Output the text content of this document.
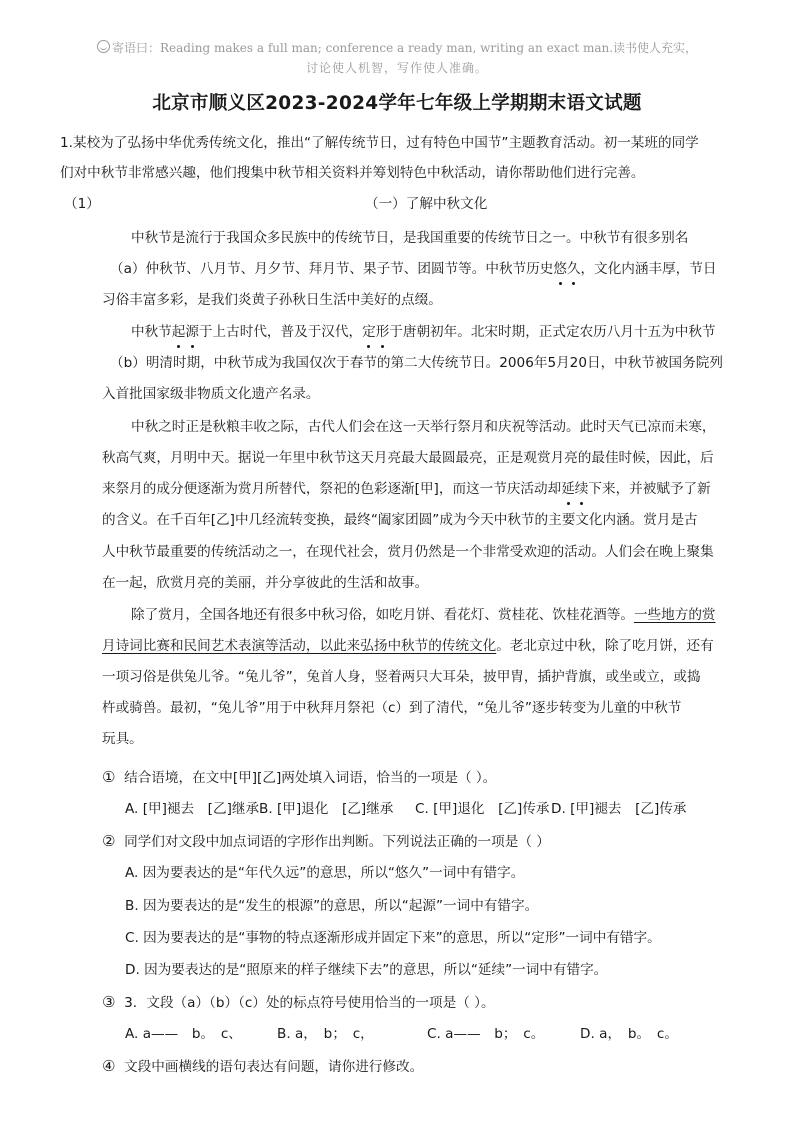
寄语曰：Reading makes a full man; conference a ready man, writing an exact man.读书使人充实，
讨论使人机智，写作使人准确。
北京市顺义区2023-2024学年七年级上学期期末语文试题
1.某校为了弘扬中华优秀传统文化，推出“了解传统节日，过有特色中国节”主题教育活动。初一某班的同学
们对中秋节非常感兴趣，他们搜集中秋节相关资料并筹划特色中秋活动，请你帮助他们进行完善。
（1）	（一）了解中秋文化
中秋节是流行于我国众多民族中的传统节日，是我国重要的传统节日之一。中秋节有很多别名
（a）仲秋节、八月节、月夕节、拜月节、果子节、团圆节等。中秋节历史悠久，文化内涵丰厚，节日
习俗丰富多彩，是我们炎黄子孙秋日生活中美好的点缀。
中秋节起源于上古时代，普及于汉代，定形于唐朝初年。北宋时期，正式定农历八月十五为中秋节
（b）明清时期，中秋节成为我国仅次于春节的第二大传统节日。2006年5月20日，中秋节被国务院列
入首批国家级非物质文化遗产名录。
中秋之时正是秋粮丰收之际，古代人们会在这一天举行祭月和庆祝等活动。此时天气已凉而未寒，
秋高气爽，月明中天。据说一年里中秋节这天月亮最大最圆最亮，正是观赏月亮的最佳时候，因此，后
来祭月的成分便逐渐为赏月所替代，祭祀的色彩逐渐[甲]，而这一节庆活动却延续下来，并被赋予了新
的含义。在千百年[乙]中几经流转变换，最终“阖家团圆”成为今天中秋节的主要文化内涵。赏月是古
人中秋节最重要的传统活动之一，在现代社会，赏月仍然是一个非常受欢迎的活动。人们会在晚上聚集
在一起，欣赏月亮的美丽，并分享彼此的生活和故事。
除了赏月，全国各地还有很多中秋习俗，如吃月饼、看花灯、赏桂花、饮桂花酒等。一些地方的赏
月诗词比赛和民间艺术表演等活动，以此来弘扬中秋节的传统文化。老北京过中秋，除了吃月饼，还有
一项习俗是供兔儿爷。“兔儿爷”，兔首人身，竖着两只大耳朵，披甲胄，插护背旗，或坐或立，或捣
杵或骑兽。最初，“兔儿爷”用于中秋拜月祭祀（c）到了清代，“兔儿爷”逐步转变为儿童的中秋节
玩具。
① 结合语境，在文中[甲][乙]两处填入词语，恰当的一项是（ ）。
A. [甲]褪去　[乙]继承B. [甲]退化　[乙]继承 C. [甲]退化　[乙]传承D. [甲]褪去　[乙]传承
② 同学们对文段中加点词语的字形作出判断。下列说法正确的一项是（ ）
A. 因为要表达的是“年代久远”的意思，所以“悠久”一词中有错字。
B. 因为要表达的是“发生的根源”的意思，所以“起源”一词中有错字。
C. 因为要表达的是“事物的特点逐渐形成并固定下来”的意思，所以“定形”一词中有错字。
D. 因为要表达的是“照原来的样子继续下去”的意思，所以“延续”一词中有错字。
③ 3．文段（a）（b）（c）处的标点符号使用恰当的一项是（ ）。
A. a——　b。　c、	B. a，　b；　c，	C. a——　b；　c。	D. a，　b。　c。
④ 文段中画横线的语句表达有问题，请你进行修改。
